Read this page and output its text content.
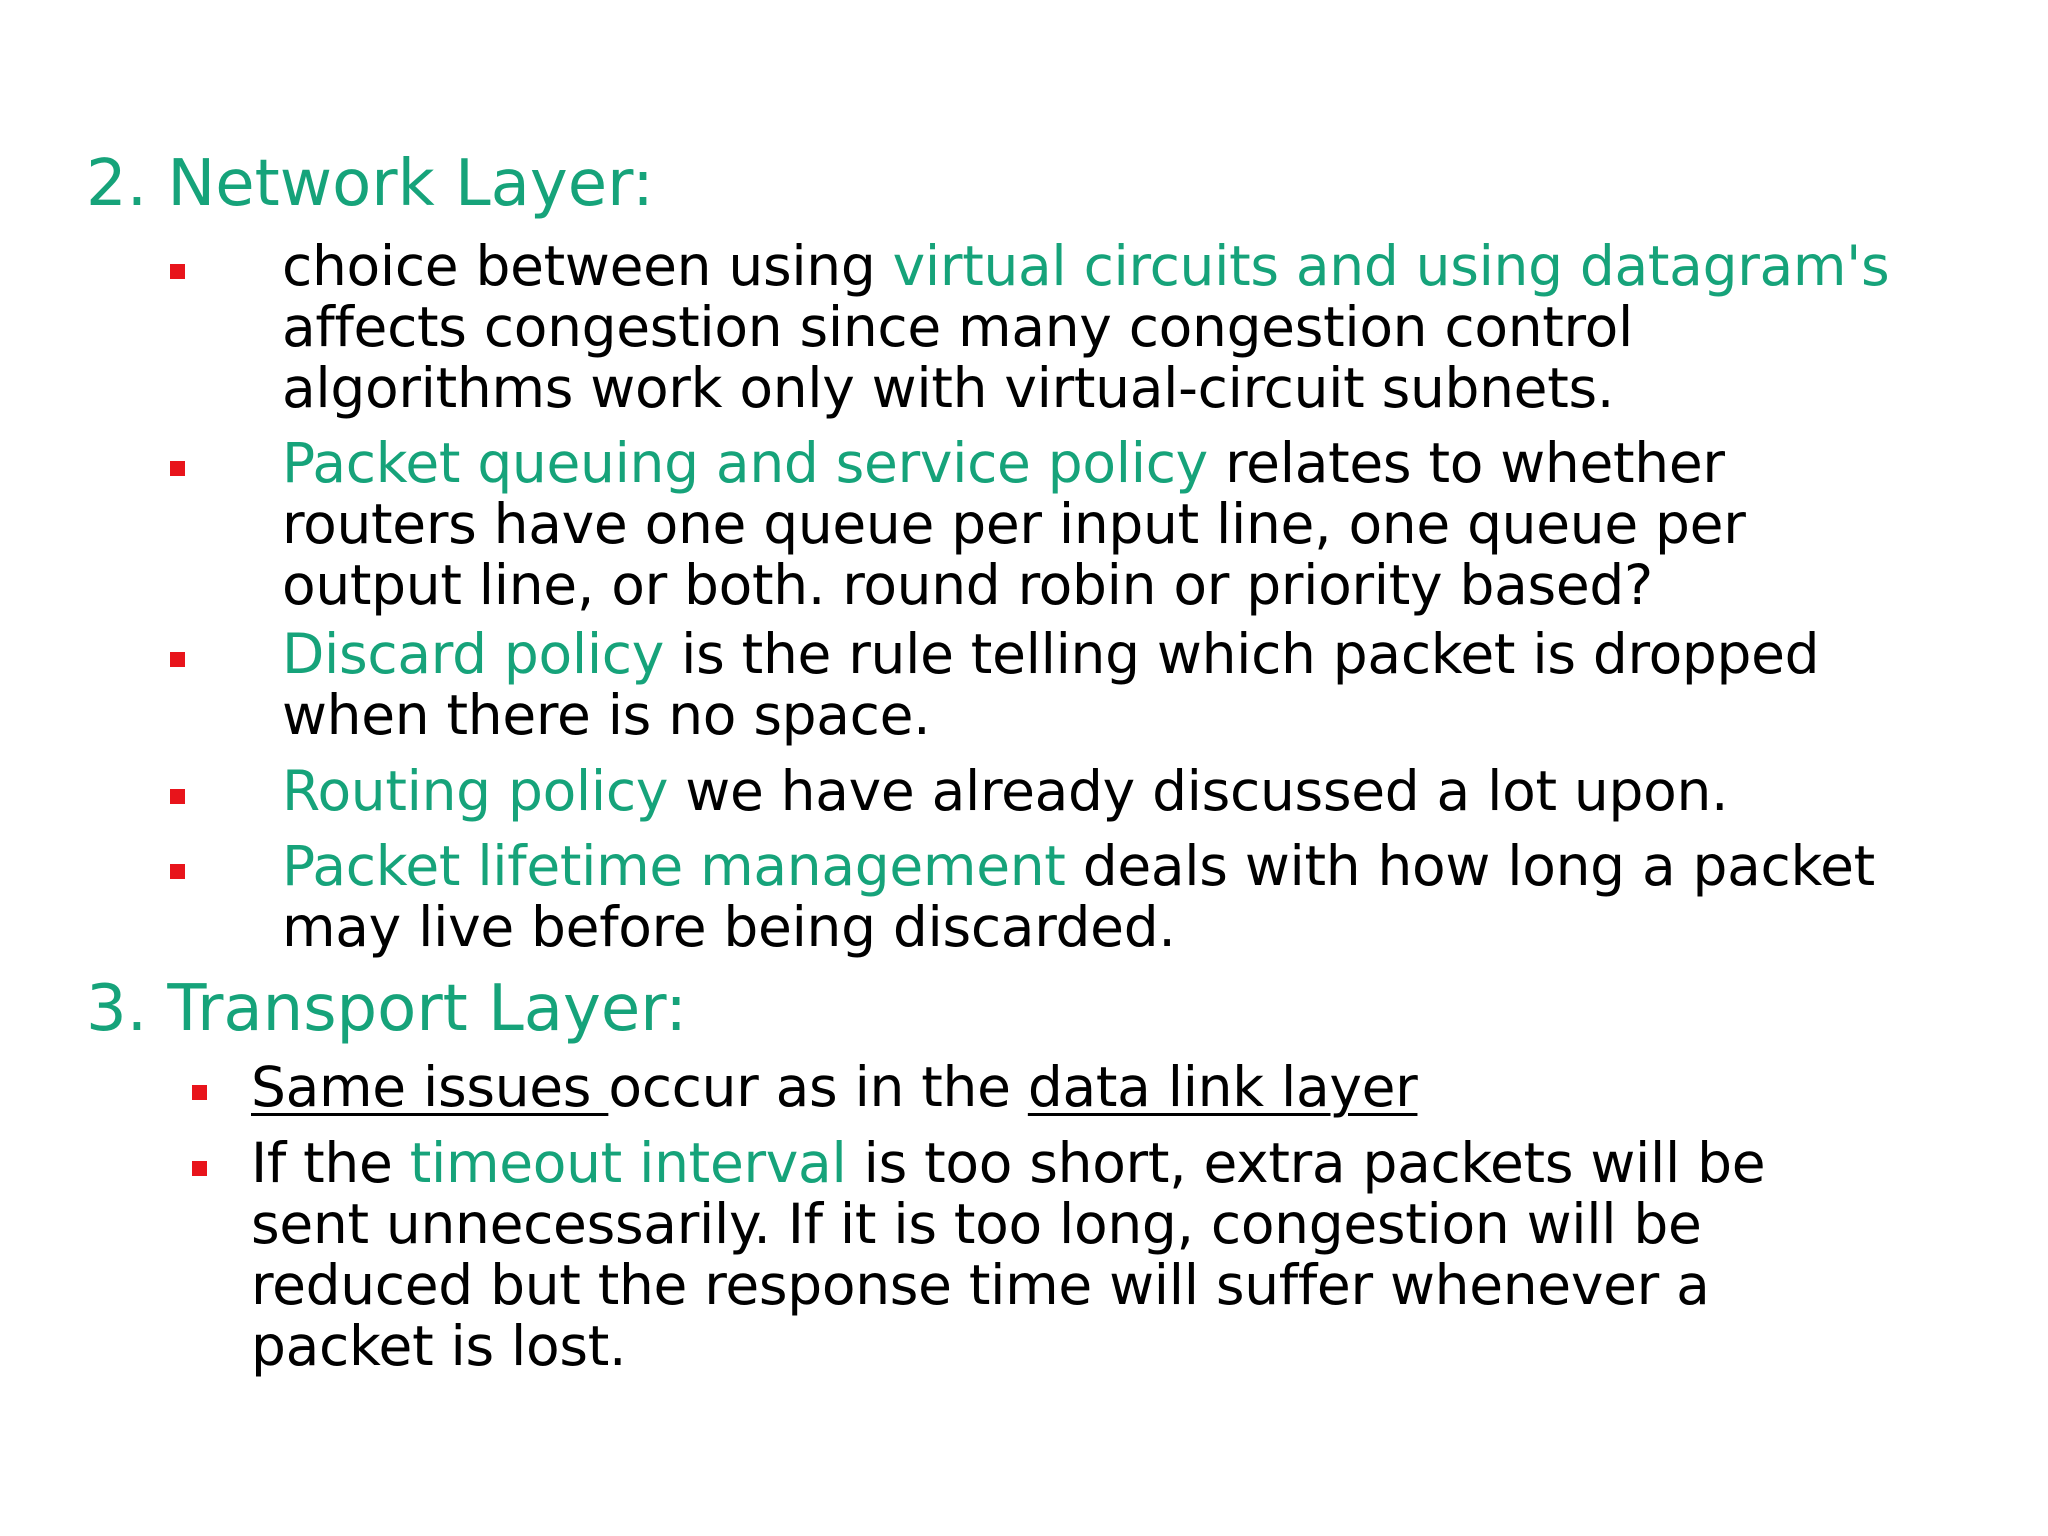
2. Network Layer:
choice between using virtual circuits and using datagram's
affects congestion since many congestion control
algorithms work only with virtual-circuit subnets.
Packet queuing and service policy relates to whether
routers have one queue per input line, one queue per
output line, or both. round robin or priority based?
Discard policy is the rule telling which packet is dropped
when there is no space.
Routing policy we have already discussed a lot upon.
Packet lifetime management deals with how long a packet
may live before being discarded.
3. Transport Layer:
Same issues occur as in the data link layer
If the timeout interval is too short, extra packets will be
sent unnecessarily. If it is too long, congestion will be
reduced but the response time will suffer whenever a
packet is lost.
